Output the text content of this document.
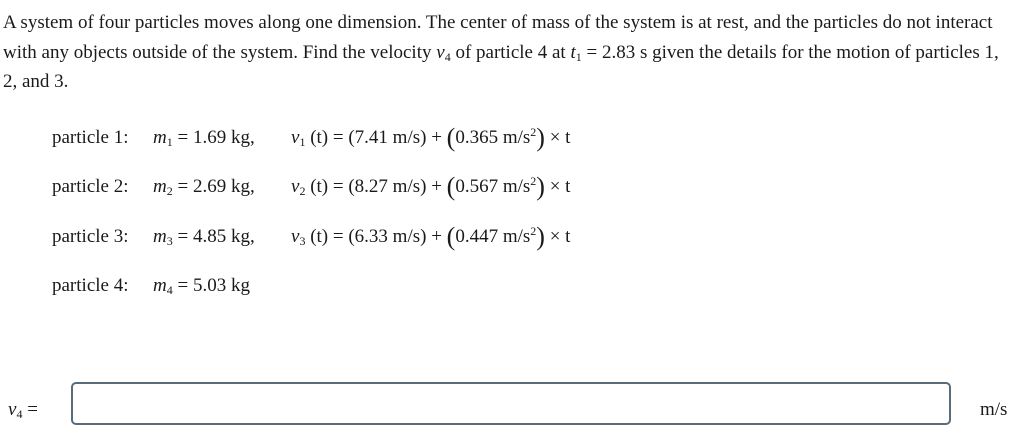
A system of four particles moves along one dimension. The center of mass of the system is at rest, and the particles do not interact with any objects outside of the system. Find the velocity $v_4$ of particle 4 at $t_1 = 2.83$ s given the details for the motion of particles 1, 2, and 3.
particle 1:	$m_1 = 1.69$ kg,	$v_1$ (t) = (7.41 m/s) + (0.365 $m/s^2) \times t$
particle 2:	$m_2 = 2.69$ kg,	$v_2$ (t) = (8.27 m/s) + (0.567 $m/s^2) \times t$
particle 3:	$m_3 = 4.85$ kg,	$v_3$ (t) = (6.33 m/s) + (0.447 $m/s^2) \times t$
particle 4:	$m_4 = 5.03$ kg
$v_4$ =	m/s
